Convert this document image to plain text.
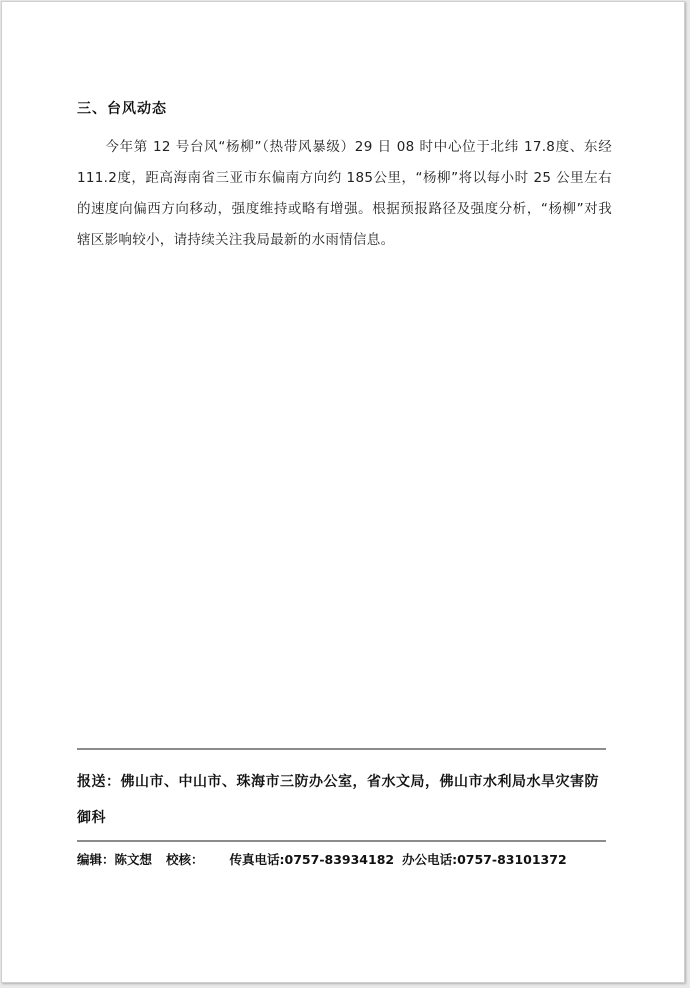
三、台风动态
今年第 12 号台风“杨柳”（热带风暴级）29 日 08 时中心位于北纬 17.8度、东经 111.2度，距高海南省三亚市东偏南方向约 185公里，“杨柳”将以每小时 25 公里左右的速度向偏西方向移动，强度维持或略有增强。根据预报路径及强度分析，“杨柳”对我辖区影响较小，请持续关注我局最新的水雨情信息。
报送：佛山市、中山市、珠海市三防办公室，省水文局，佛山市水利局水旱灾害防御科
编辑：陈文想 校核： 传真电话:0757-83934182 办公电话:0757-83101372
